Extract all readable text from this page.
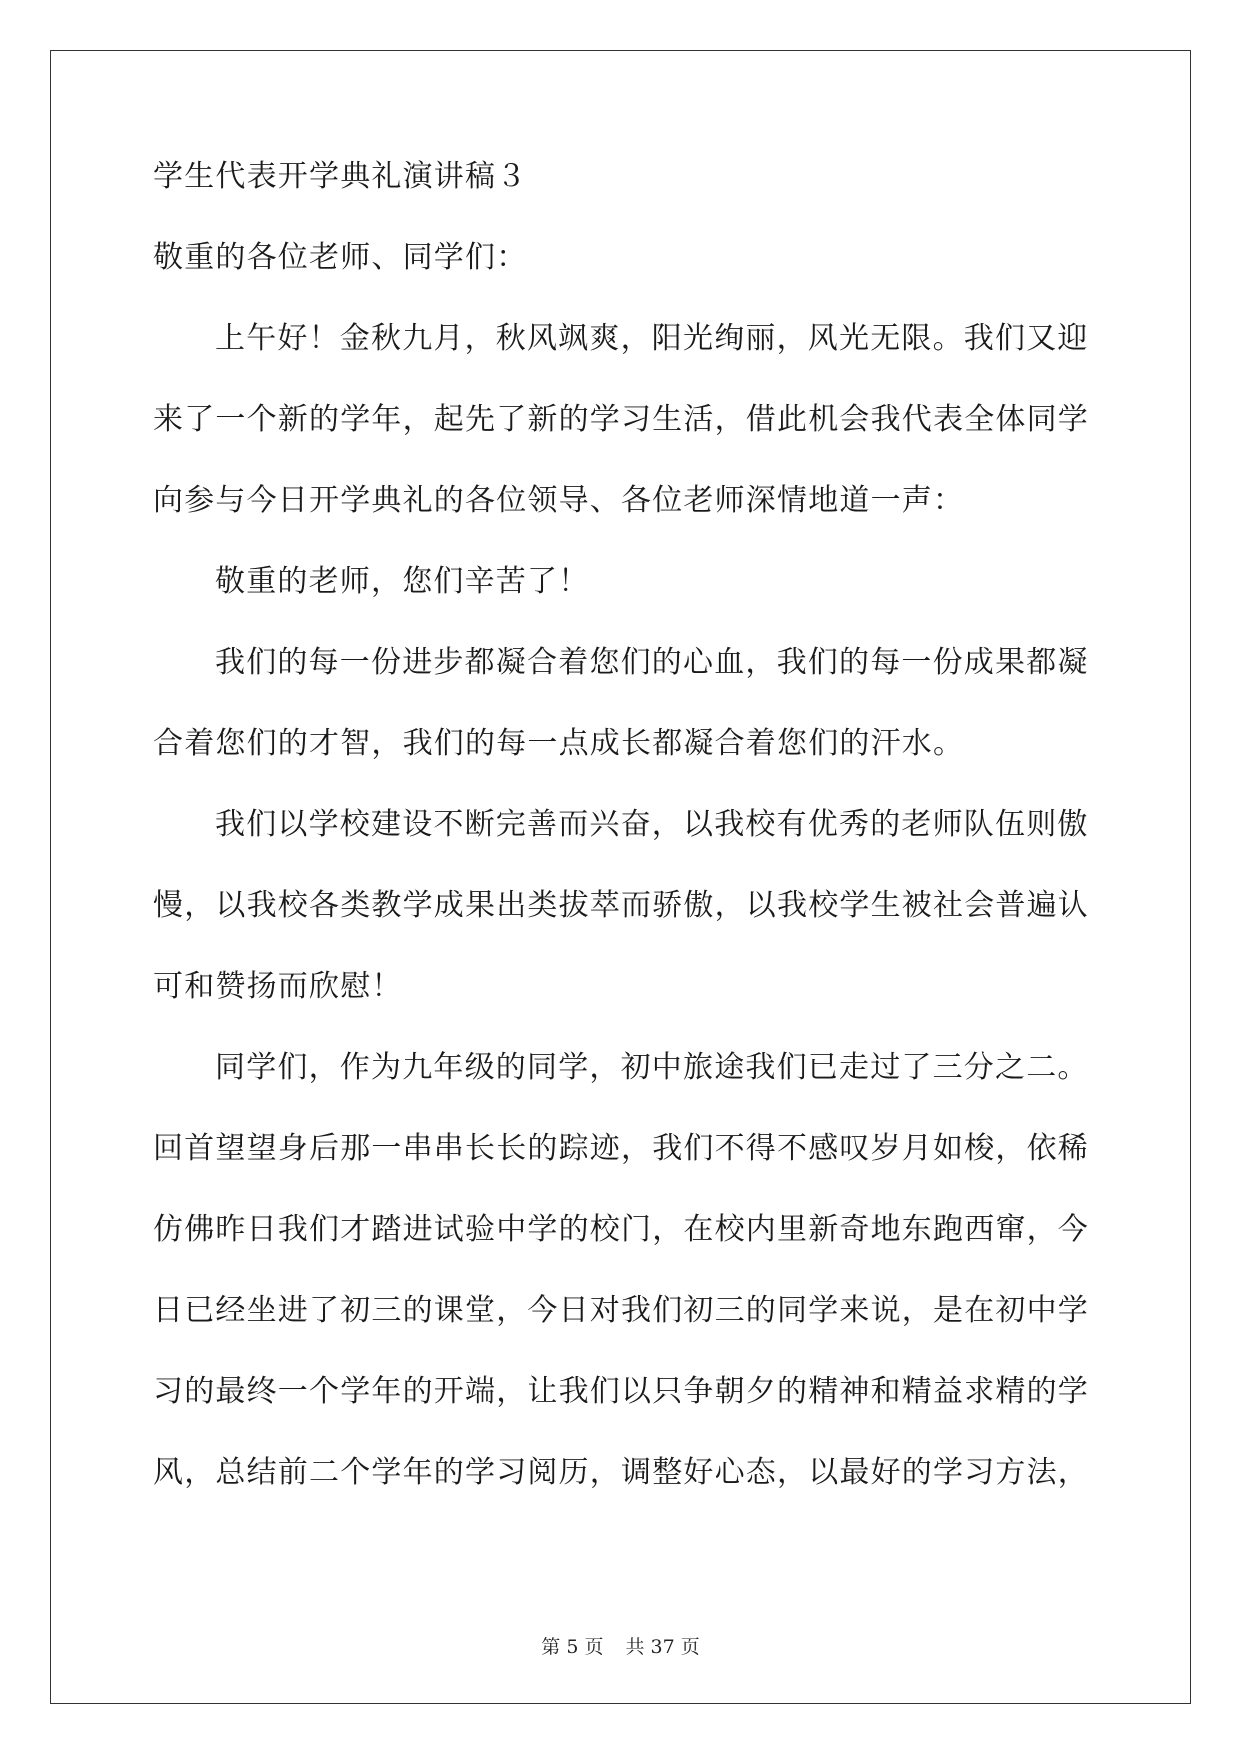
学生代表开学典礼演讲稿３
敬重的各位老师、同学们：
上午好！金秋九月，秋风飒爽，阳光绚丽，风光无限。我们又迎
来了一个新的学年，起先了新的学习生活，借此机会我代表全体同学
向参与今日开学典礼的各位领导、各位老师深情地道一声：
敬重的老师，您们辛苦了！
我们的每一份进步都凝合着您们的心血，我们的每一份成果都凝
合着您们的才智，我们的每一点成长都凝合着您们的汗水。
我们以学校建设不断完善而兴奋，以我校有优秀的老师队伍则傲
慢，以我校各类教学成果出类拔萃而骄傲，以我校学生被社会普遍认
可和赞扬而欣慰！
同学们，作为九年级的同学，初中旅途我们已走过了三分之二。
回首望望身后那一串串长长的踪迹，我们不得不感叹岁月如梭，依稀
仿佛昨日我们才踏进试验中学的校门，在校内里新奇地东跑西窜，今
日已经坐进了初三的课堂，今日对我们初三的同学来说，是在初中学
习的最终一个学年的开端，让我们以只争朝夕的精神和精益求精的学
风，总结前二个学年的学习阅历，调整好心态，以最好的学习方法，
第 5 页 共 37 页
